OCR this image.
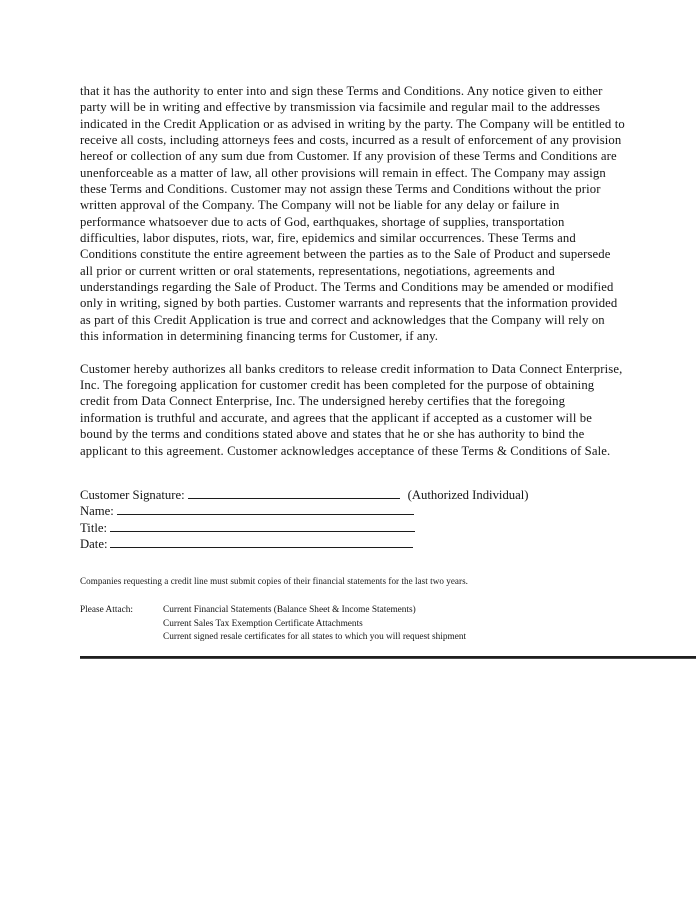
that it has the authority to enter into and sign these Terms and Conditions. Any notice given to either party will be in writing and effective by transmission via facsimile and regular mail to the addresses indicated in the Credit Application or as advised in writing by the party. The Company will be entitled to receive all costs, including attorneys fees and costs, incurred as a result of enforcement of any provision hereof or collection of any sum due from Customer. If any provision of these Terms and Conditions are unenforceable as a matter of law, all other provisions will remain in effect. The Company may assign these Terms and Conditions. Customer may not assign these Terms and Conditions without the prior written approval of the Company. The Company will not be liable for any delay or failure in performance whatsoever due to acts of God, earthquakes, shortage of supplies, transportation difficulties, labor disputes, riots, war, fire, epidemics and similar occurrences. These Terms and Conditions constitute the entire agreement between the parties as to the Sale of Product and supersede all prior or current written or oral statements, representations, negotiations, agreements and understandings regarding the Sale of Product. The Terms and Conditions may be amended or modified only in writing, signed by both parties. Customer warrants and represents that the information provided as part of this Credit Application is true and correct and acknowledges that the Company will rely on this information in determining financing terms for Customer, if any.

Customer hereby authorizes all banks creditors to release credit information to Data Connect Enterprise, Inc. The foregoing application for customer credit has been completed for the purpose of obtaining credit from Data Connect Enterprise, Inc. The undersigned hereby certifies that the foregoing information is truthful and accurate, and agrees that the applicant if accepted as a customer will be bound by the terms and conditions stated above and states that he or she has authority to bind the applicant to this agreement. Customer acknowledges acceptance of these Terms & Conditions of Sale.

Customer Signature:	(Authorized Individual)
Name:
Title:
Date:
Companies requesting a credit line must submit copies of their financial statements for the last two years.
Please Attach:	Current Financial Statements (Balance Sheet & Income Statements)
Current Sales Tax Exemption Certificate Attachments
Current signed resale certificates for all states to which you will request shipment
